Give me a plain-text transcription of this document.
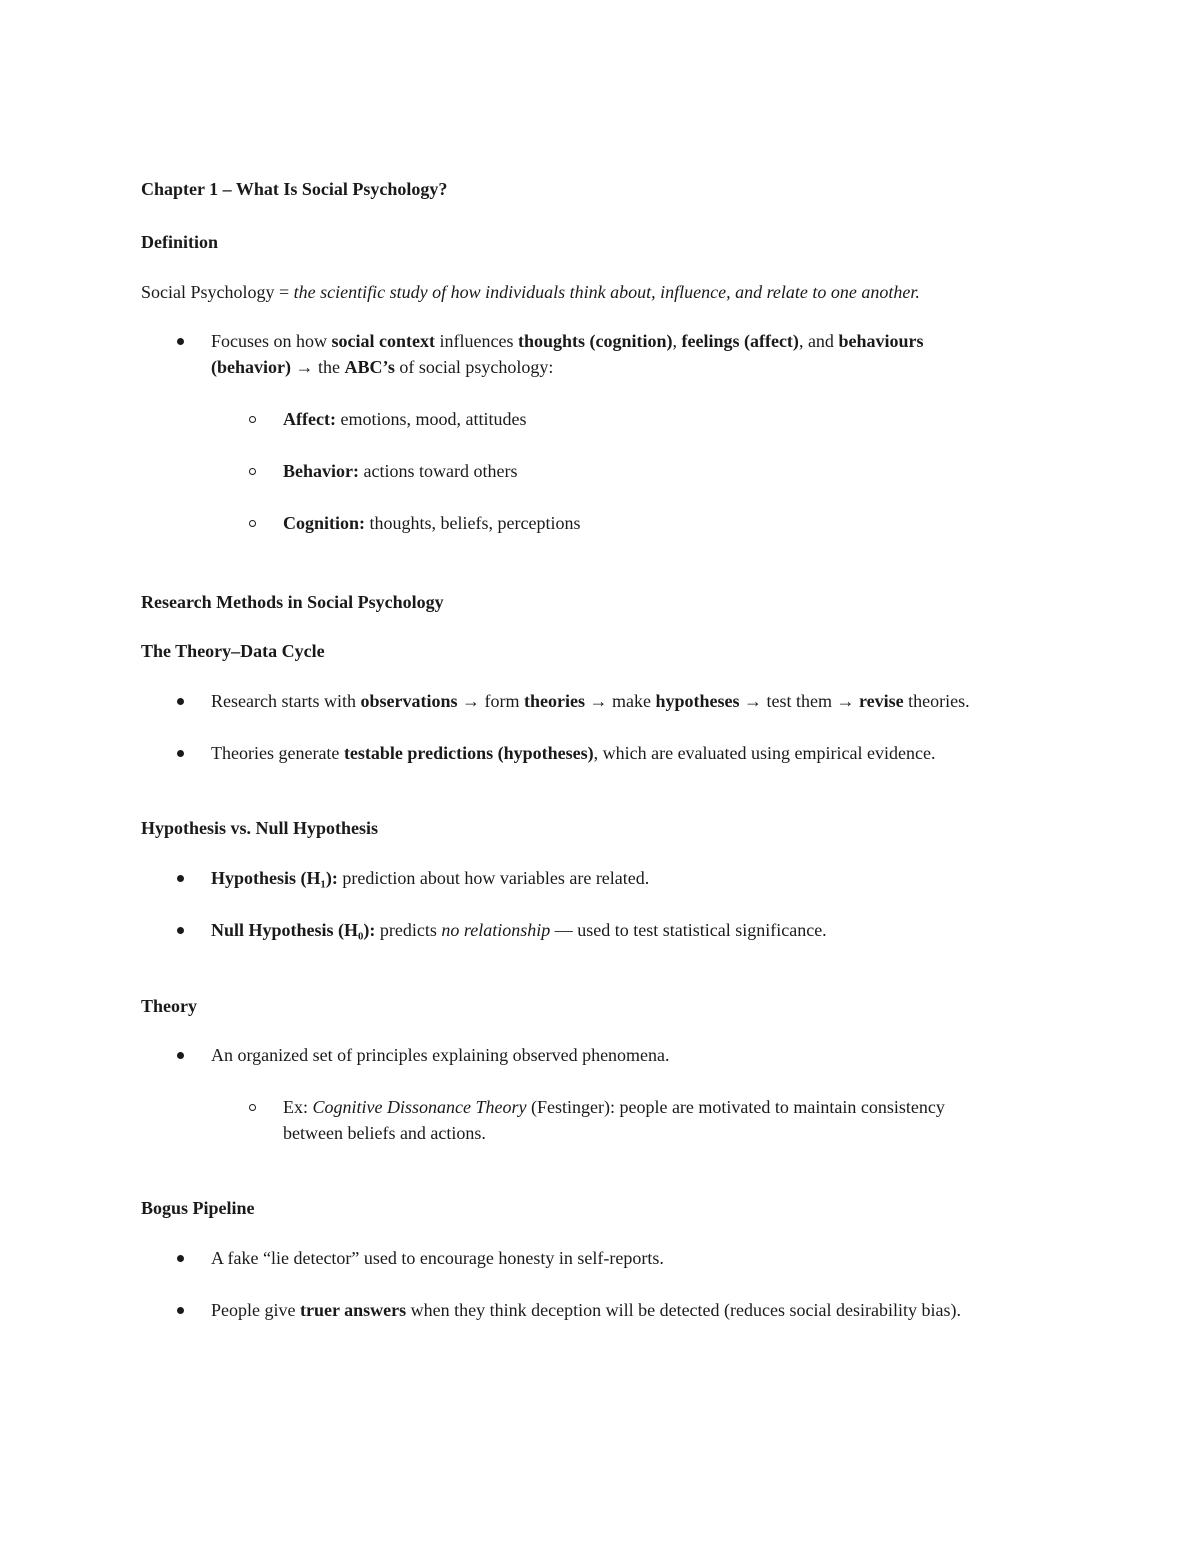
Chapter 1 – What Is Social Psychology?
Definition
Social Psychology = the scientific study of how individuals think about, influence, and relate to one another.
Focuses on how social context influences thoughts (cognition), feelings (affect), and behaviours
(behavior) → the ABC’s of social psychology:
Affect: emotions, mood, attitudes
Behavior: actions toward others
Cognition: thoughts, beliefs, perceptions
Research Methods in Social Psychology
The Theory–Data Cycle
Research starts with observations → form theories → make hypotheses → test them → revise theories.
Theories generate testable predictions (hypotheses), which are evaluated using empirical evidence.
Hypothesis vs. Null Hypothesis
Hypothesis (H₁): prediction about how variables are related.
Null Hypothesis (H₀): predicts no relationship — used to test statistical significance.
Theory
An organized set of principles explaining observed phenomena.
Ex: Cognitive Dissonance Theory (Festinger): people are motivated to maintain consistency
between beliefs and actions.
Bogus Pipeline
A fake “lie detector” used to encourage honesty in self-reports.
People give truer answers when they think deception will be detected (reduces social desirability bias).
